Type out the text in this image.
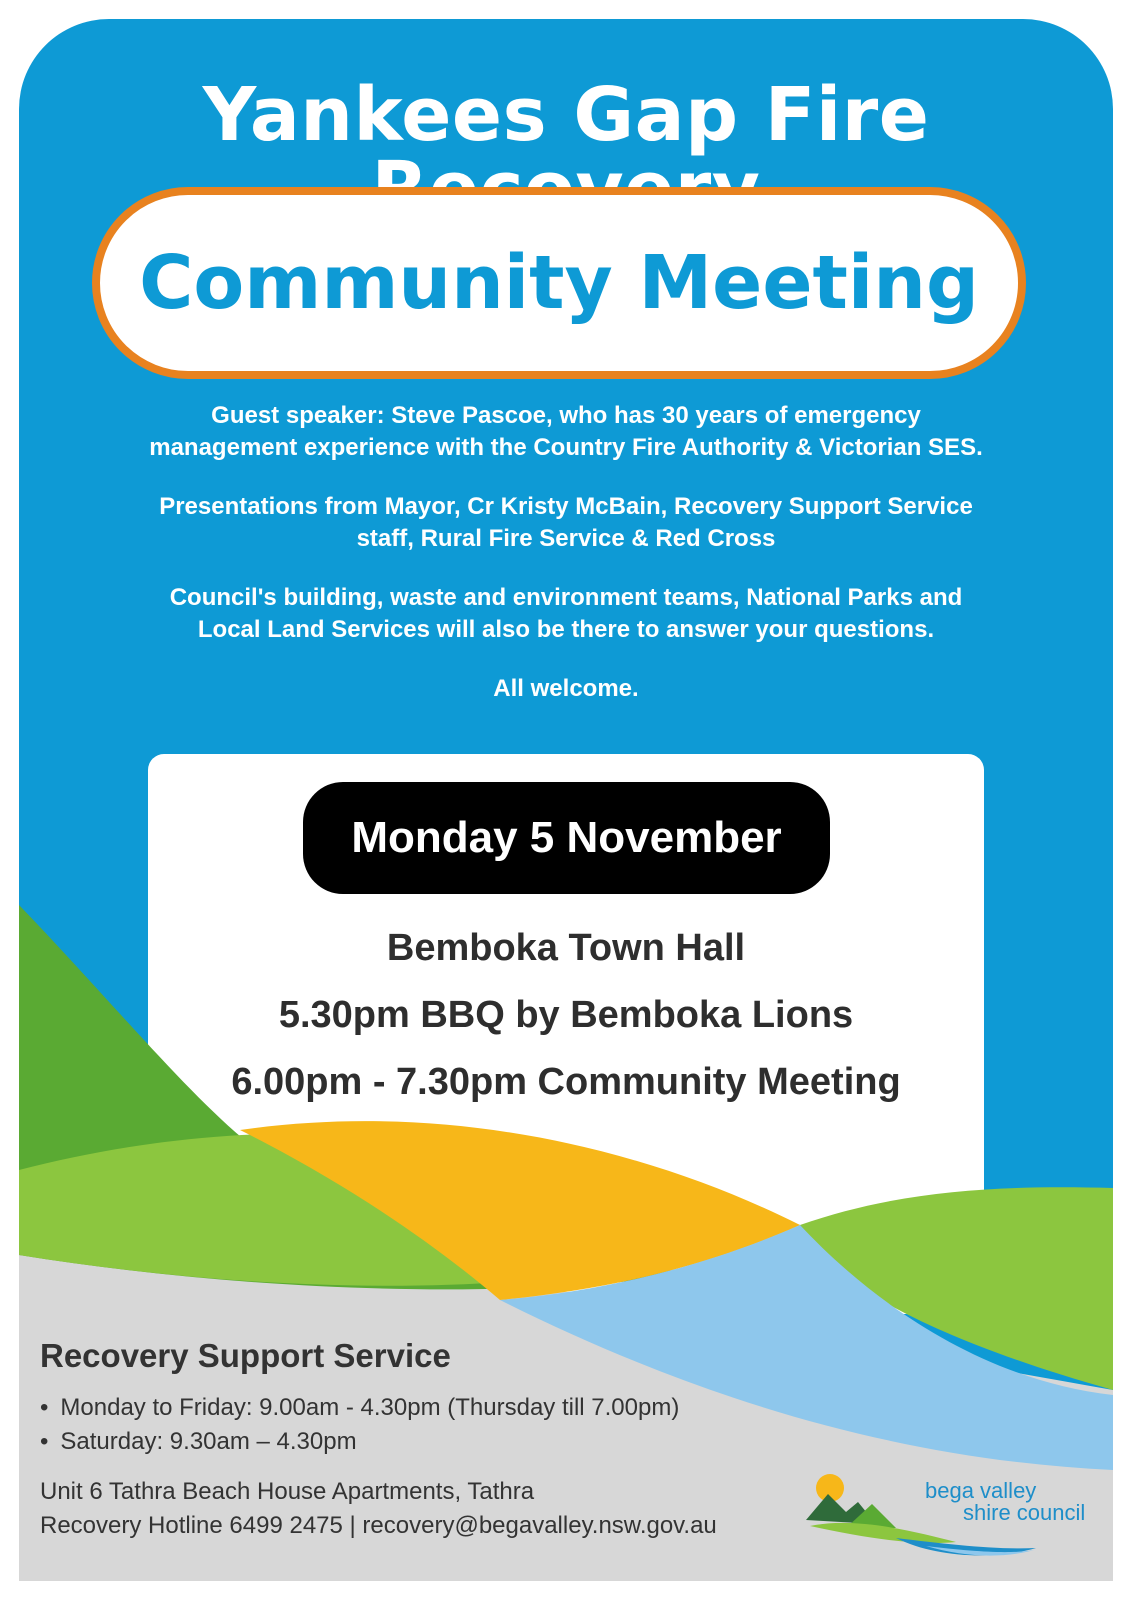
Yankees Gap Fire
Community Meeting

Guest speaker: Steve Pascoe, who has 30 years of emergency
management experience with the Country Fire Authority & Victorian SES.

Presentations from Mayor, Cr Kristy McBain, Recovery Support Service
staff, Rural Fire Service & Red Cross

Council's building, waste and environment teams, National Parks and
Local Land Services will also be there to answer your questions.

All welcome.

Monday 5 November
Bemboka Town Hall
5.30pm BBQ by Bemboka Lions
6.00pm - 7.30pm Community Meeting
Recovery Support Service
• Monday to Friday: 9.00am - 4.30pm (Thursday till 7.00pm)
• Saturday: 9.30am – 4.30pm
Unit 6 Tathra Beach House Apartments, Tathra
Recovery Hotline 6499 2475 | recovery@begavalley.nsw.gov.au
bega valley
shire council
